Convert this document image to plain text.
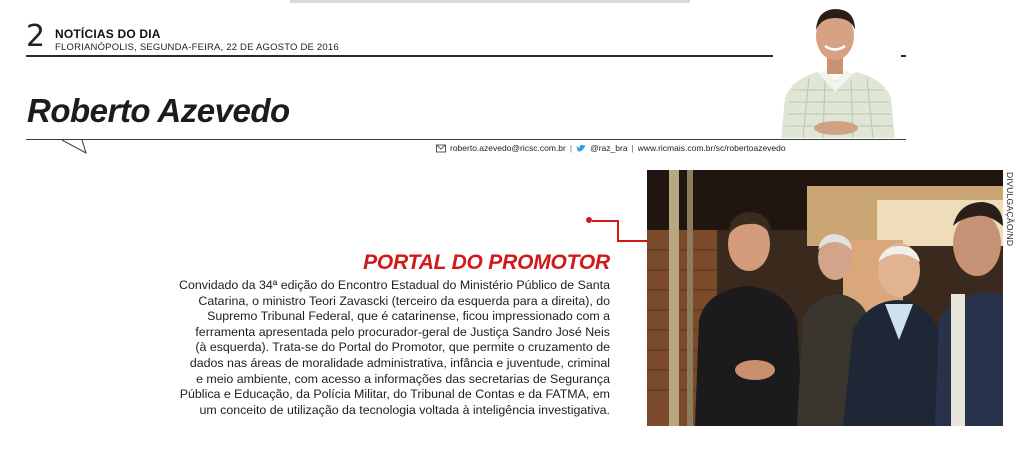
2 NOTÍCIAS DO DIA
FLORIANÓPOLIS, SEGUNDA-FEIRA, 22 DE AGOSTO DE 2016
Roberto Azevedo
roberto.azevedo@ricsc.com.br | @raz_bra | www.ricmais.com.br/sc/robertoazevedo
DIVULGAÇÃO/ND
PORTAL DO PROMOTOR
Convidado da 34ª edição do Encontro Estadual do Ministério Público de Santa
Catarina, o ministro Teori Zavascki (terceiro da esquerda para a direita), do
Supremo Tribunal Federal, que é catarinense, ficou impressionado com a
ferramenta apresentada pelo procurador-geral de Justiça Sandro José Neis
(à esquerda). Trata-se do Portal do Promotor, que permite o cruzamento de
dados nas áreas de moralidade administrativa, infância e juventude, criminal
e meio ambiente, com acesso a informações das secretarias de Segurança
Pública e Educação, da Polícia Militar, do Tribunal de Contas e da FATMA, em
um conceito de utilização da tecnologia voltada à inteligência investigativa.
